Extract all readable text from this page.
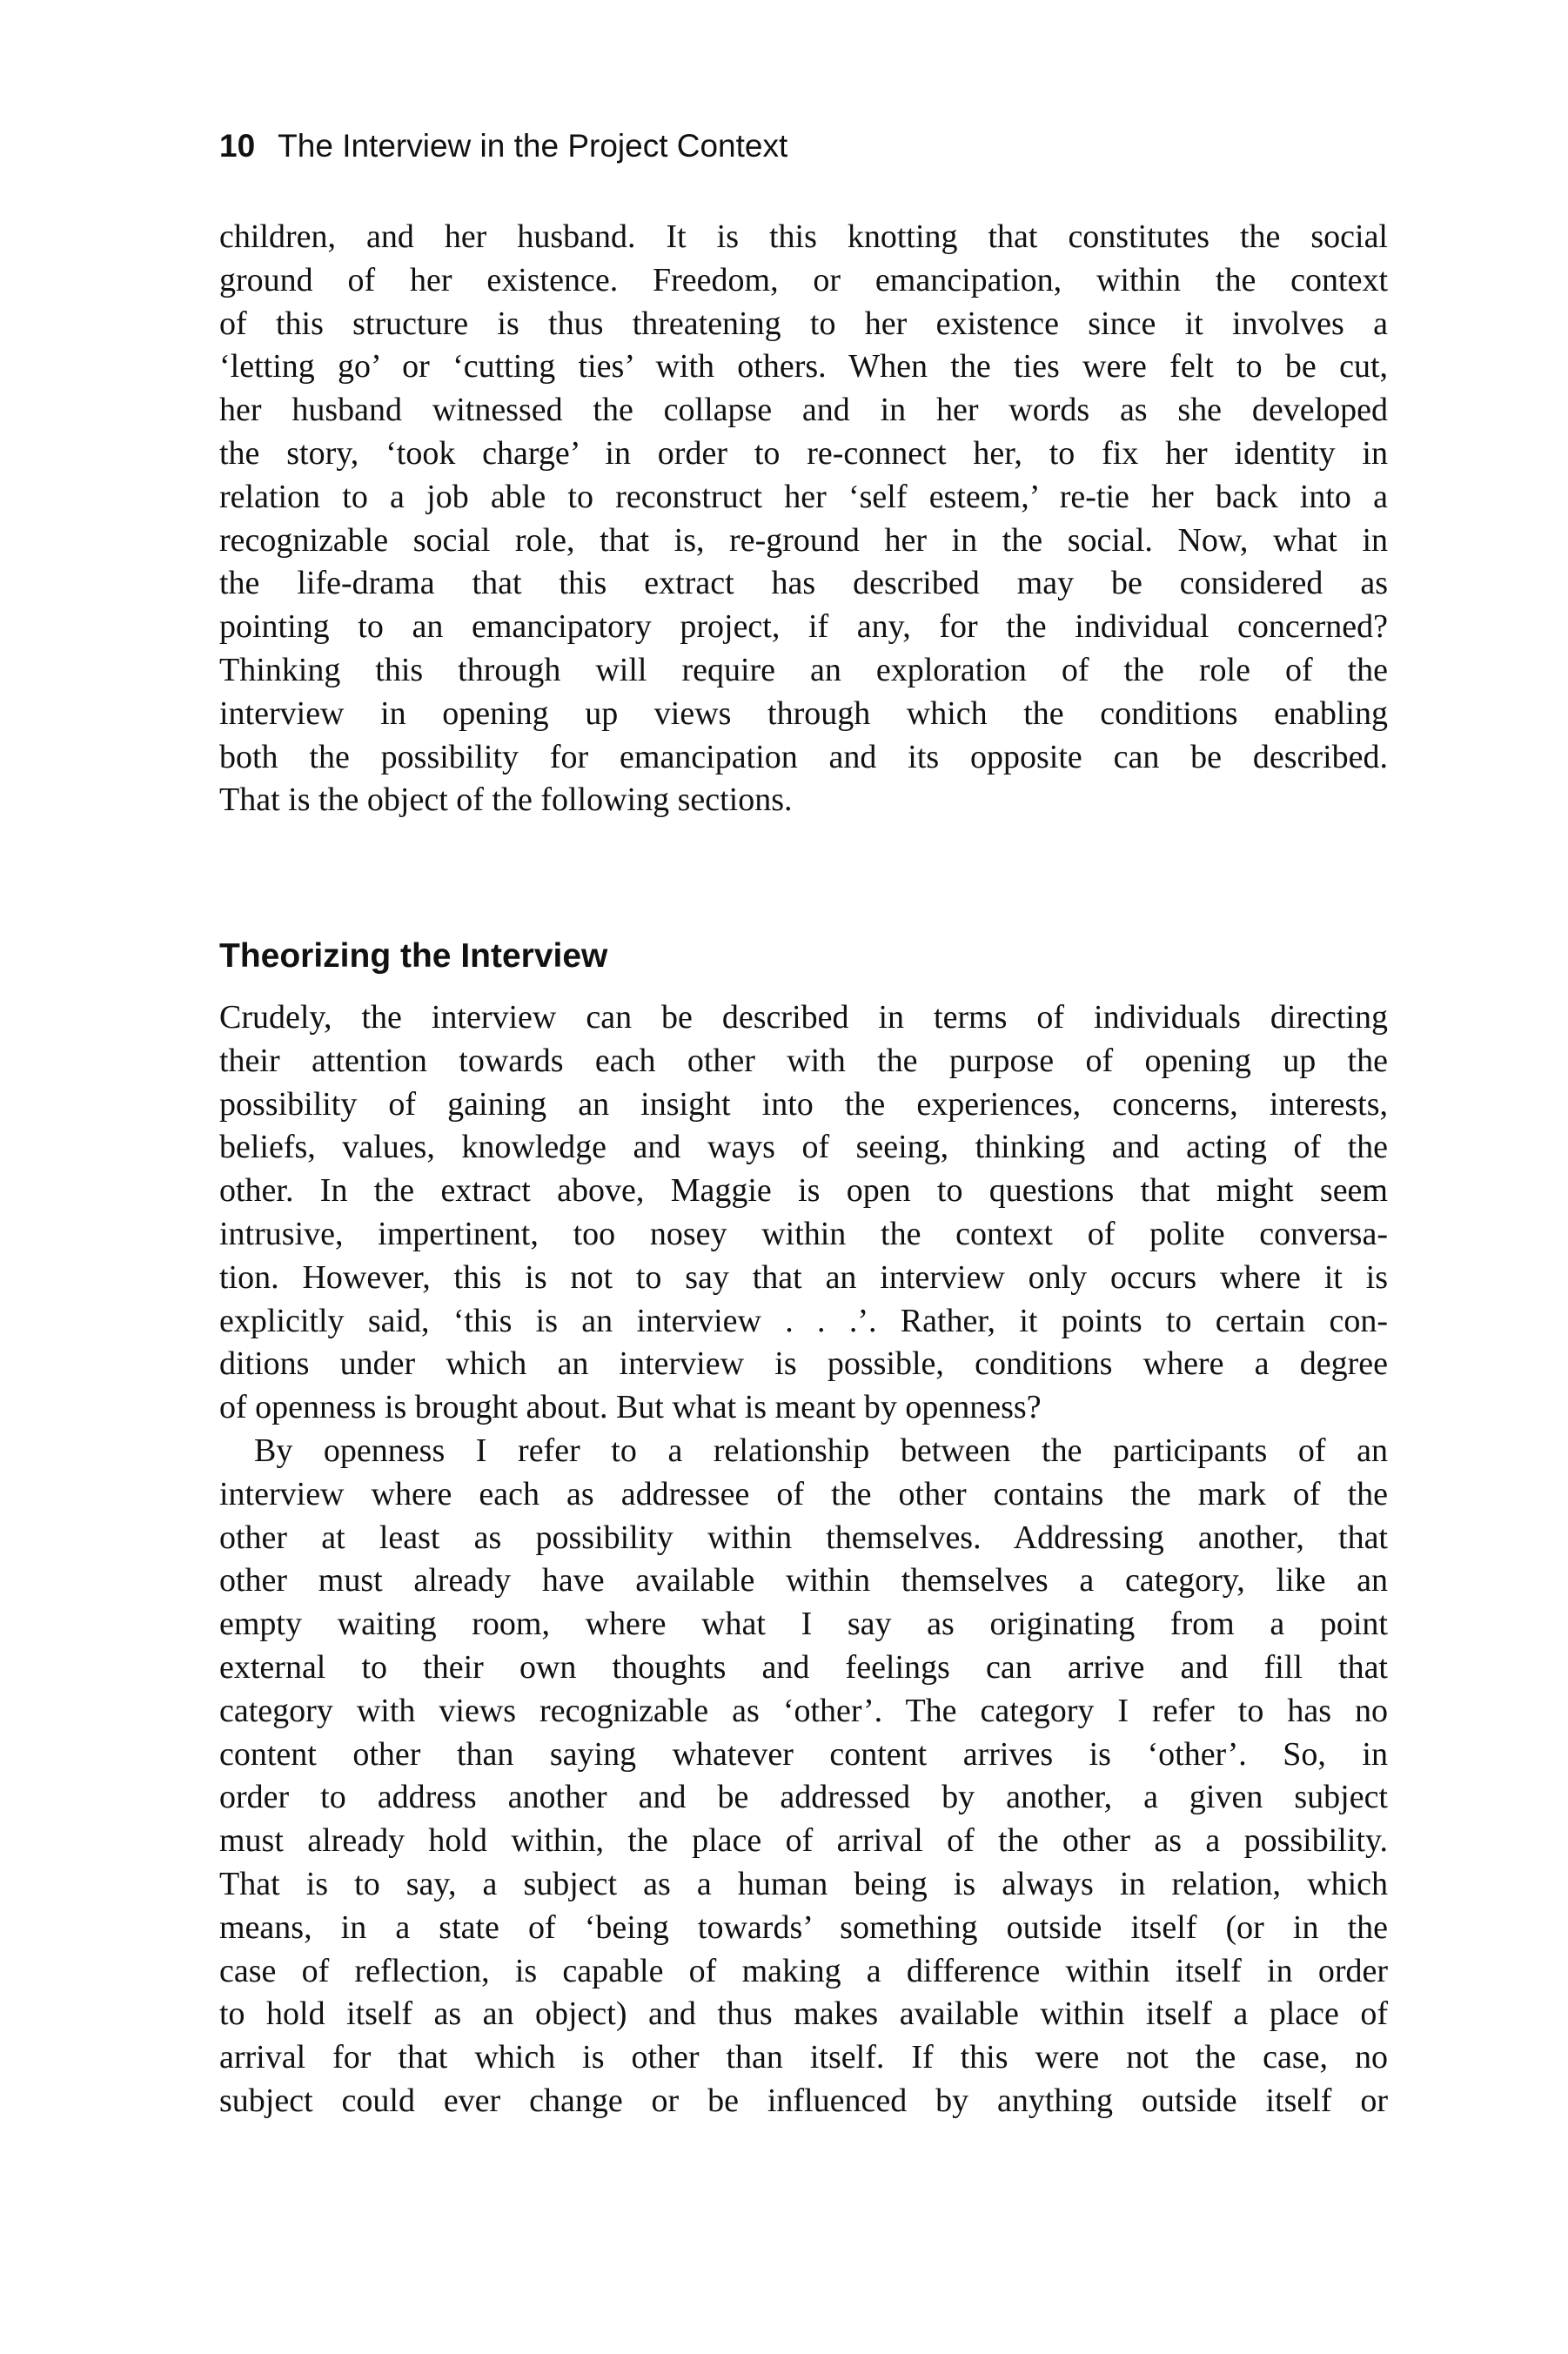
10 The Interview in the Project Context
children, and her husband. It is this knotting that constitutes the social
ground of her existence. Freedom, or emancipation, within the context
of this structure is thus threatening to her existence since it involves a
‘letting go’ or ‘cutting ties’ with others. When the ties were felt to be cut,
her husband witnessed the collapse and in her words as she developed
the story, ‘took charge’ in order to re-connect her, to fix her identity in
relation to a job able to reconstruct her ‘self esteem,’ re-tie her back into a
recognizable social role, that is, re-ground her in the social. Now, what in
the life-drama that this extract has described may be considered as
pointing to an emancipatory project, if any, for the individual concerned?
Thinking this through will require an exploration of the role of the
interview in opening up views through which the conditions enabling
both the possibility for emancipation and its opposite can be described.
That is the object of the following sections.
Theorizing the Interview
Crudely, the interview can be described in terms of individuals directing
their attention towards each other with the purpose of opening up the
possibility of gaining an insight into the experiences, concerns, interests,
beliefs, values, knowledge and ways of seeing, thinking and acting of the
other. In the extract above, Maggie is open to questions that might seem
intrusive, impertinent, too nosey within the context of polite conversa-
tion. However, this is not to say that an interview only occurs where it is
explicitly said, ‘this is an interview . . .’. Rather, it points to certain con-
ditions under which an interview is possible, conditions where a degree
of openness is brought about. But what is meant by openness?
By openness I refer to a relationship between the participants of an
interview where each as addressee of the other contains the mark of the
other at least as possibility within themselves. Addressing another, that
other must already have available within themselves a category, like an
empty waiting room, where what I say as originating from a point
external to their own thoughts and feelings can arrive and fill that
category with views recognizable as ‘other’. The category I refer to has no
content other than saying whatever content arrives is ‘other’. So, in
order to address another and be addressed by another, a given subject
must already hold within, the place of arrival of the other as a possibility.
That is to say, a subject as a human being is always in relation, which
means, in a state of ‘being towards’ something outside itself (or in the
case of reflection, is capable of making a difference within itself in order
to hold itself as an object) and thus makes available within itself a place of
arrival for that which is other than itself. If this were not the case, no
subject could ever change or be influenced by anything outside itself or
